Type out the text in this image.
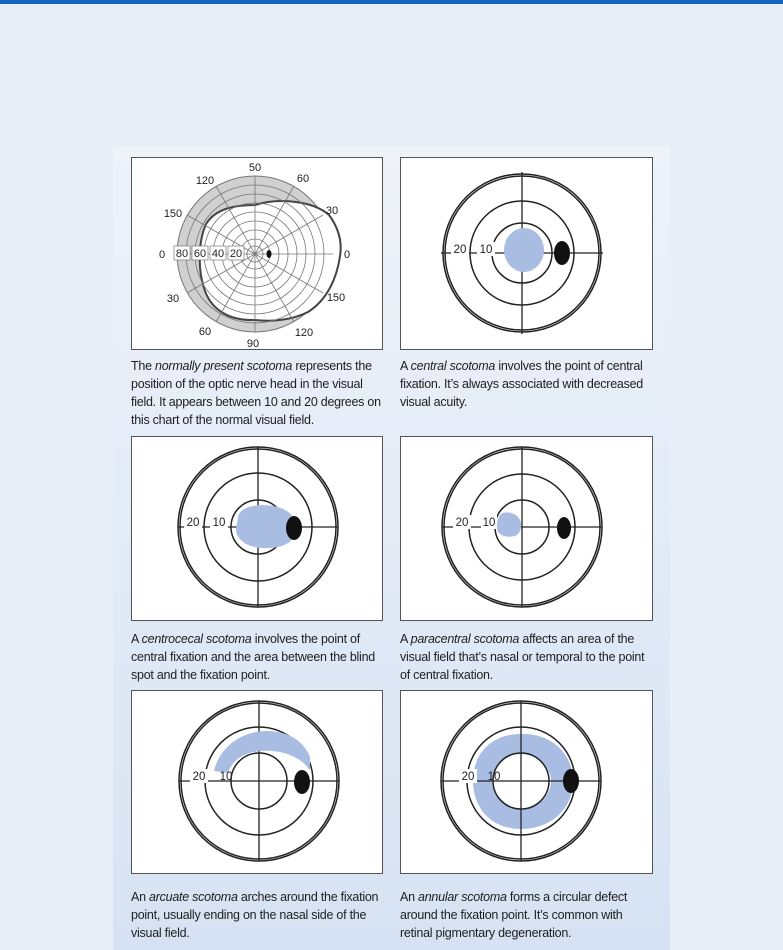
50
120	60
150	30
0	0
30	150
60	120
90
80 60 40 20
The normally present scotoma represents the position of the optic nerve head in the visual field. It appears between 10 and 20 degrees on this chart of the normal visual field.
20 10
A central scotoma involves the point of central fixation. It’s always associated with decreased visual acuity.
20 10
A centrocecal scotoma involves the point of central fixation and the area between the blind spot and the fixation point.
20 10
A paracentral scotoma affects an area of the visual field that’s nasal or temporal to the point of central fixation.
20 10
An arcuate scotoma arches around the fixation point, usually ending on the nasal side of the visual field.
20 10
An annular scotoma forms a circular defect around the fixation point. It’s common with retinal pigmentary degeneration.
